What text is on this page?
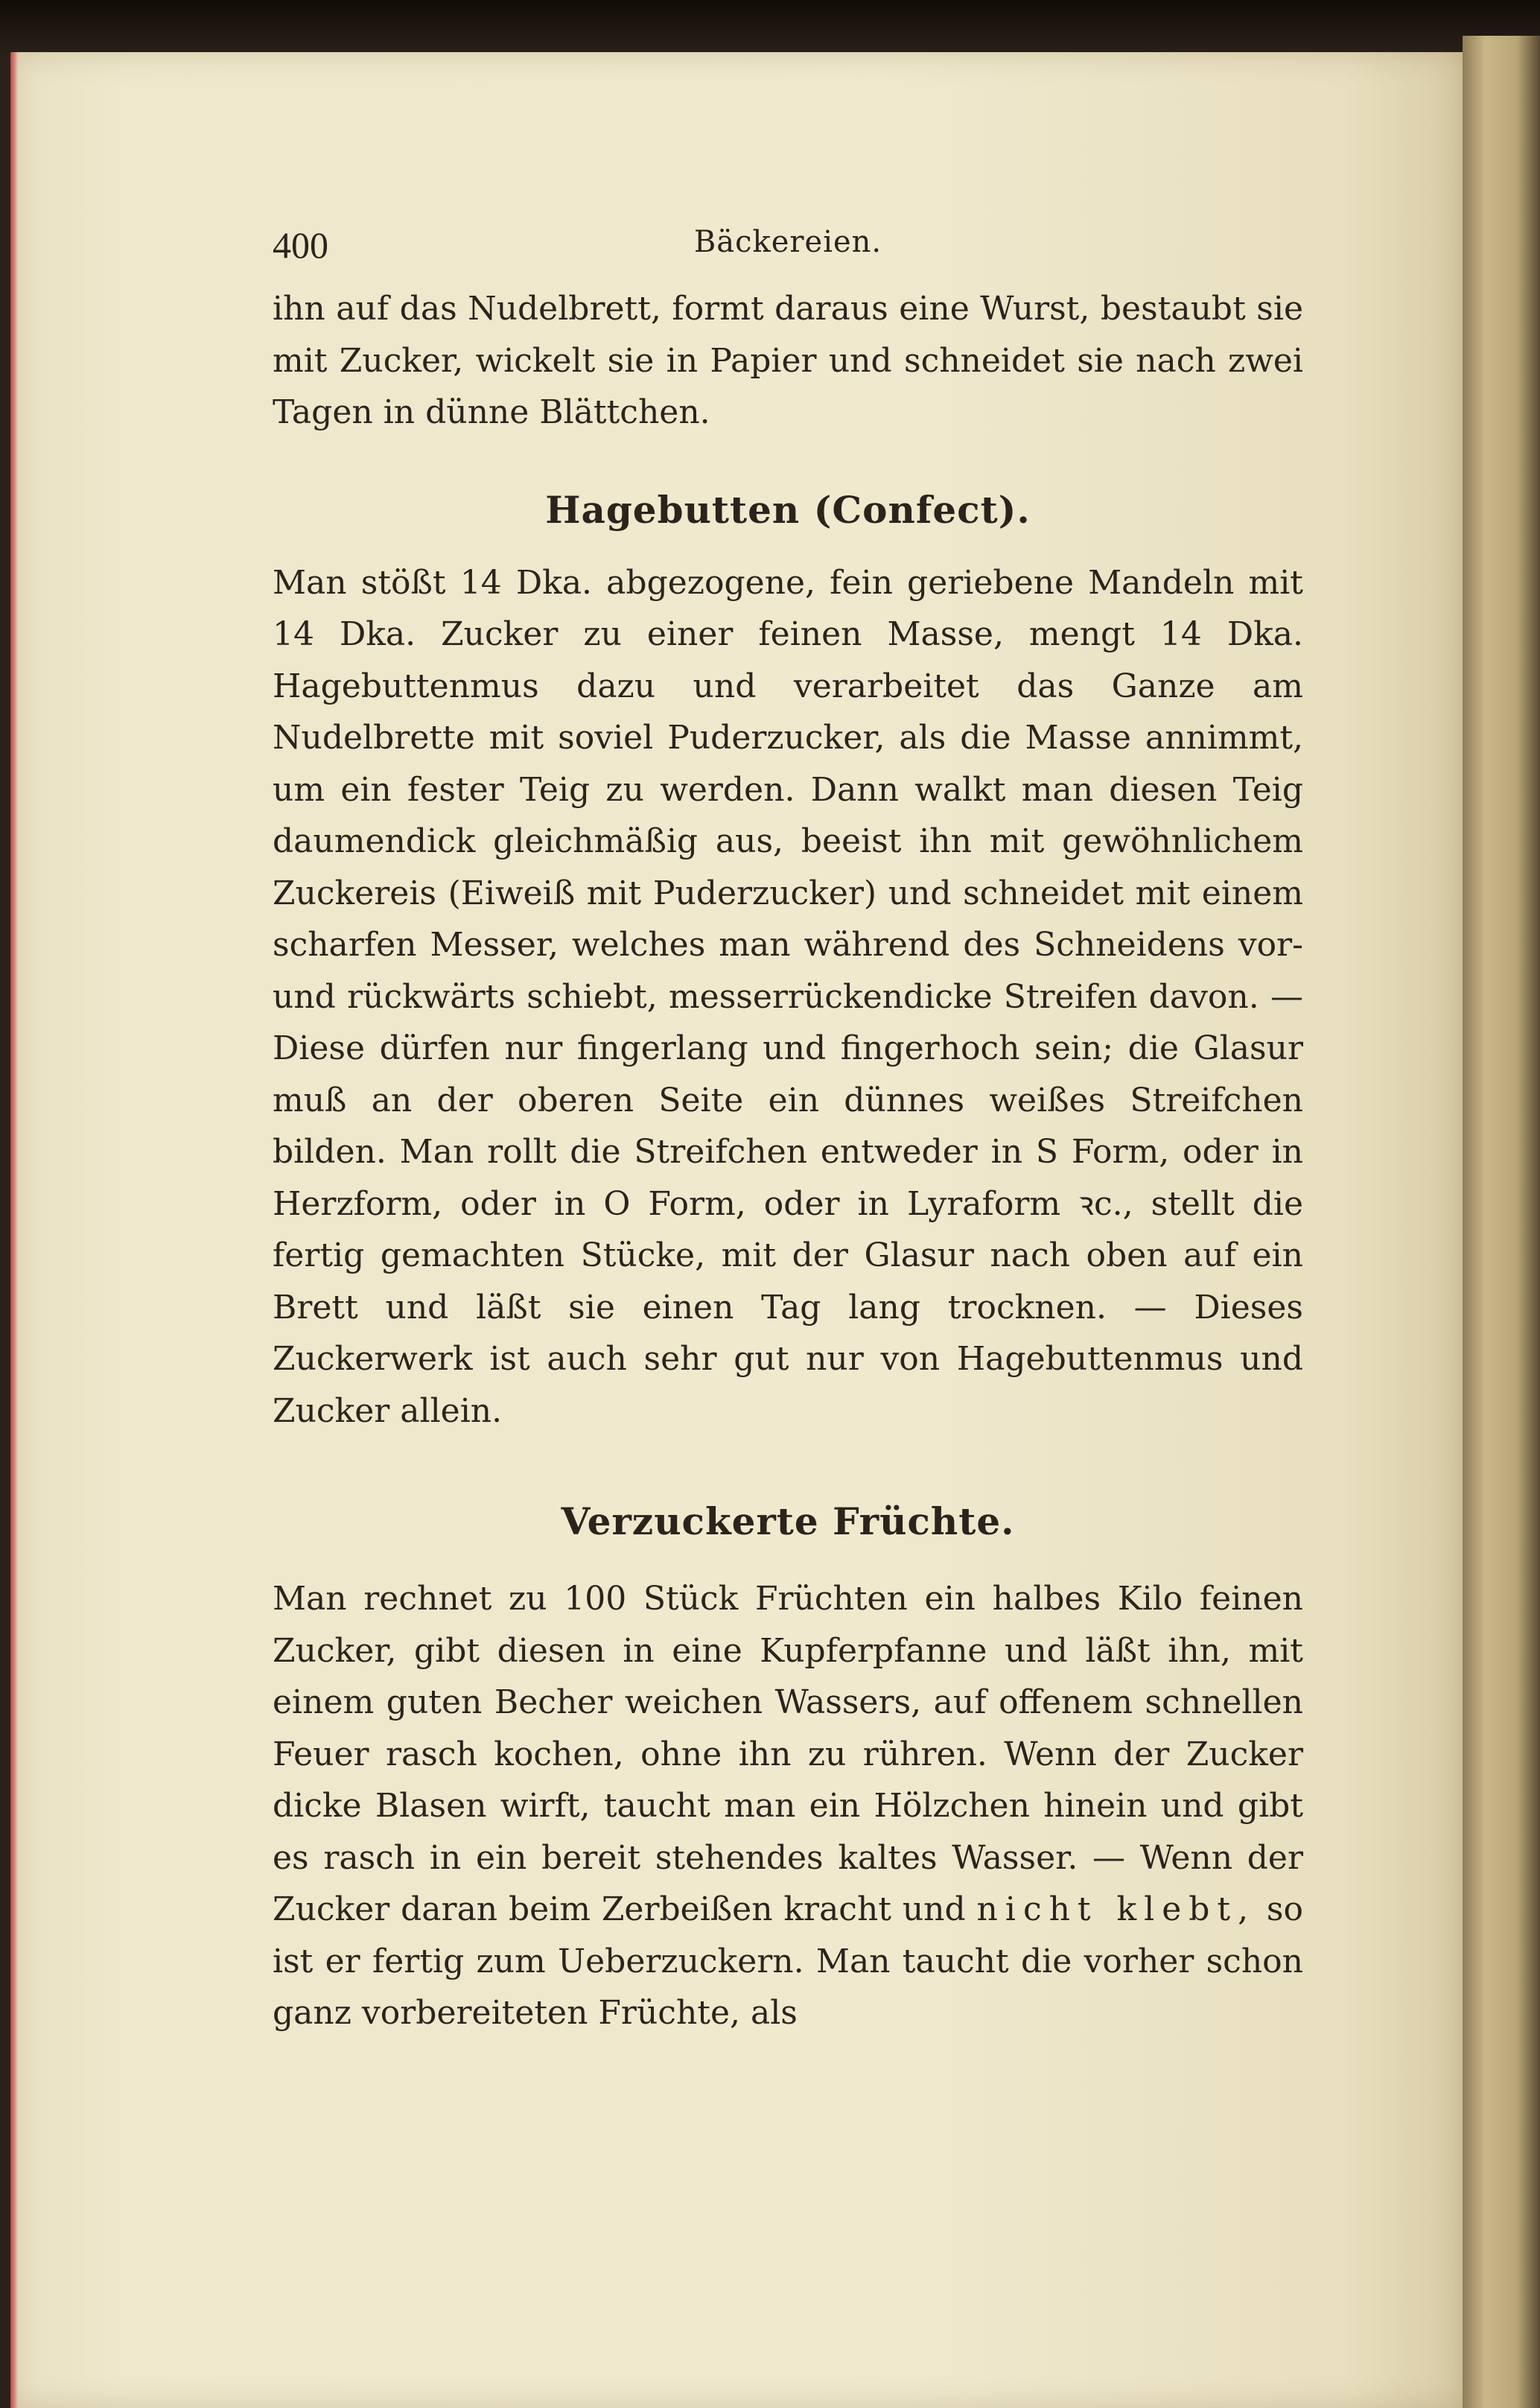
400	Bäckereien.

ihn auf das Nudelbrett, formt daraus eine Wurst, bestaubt sie mit Zucker, wickelt sie in Papier und schneidet sie nach zwei Tagen in dünne Blättchen.

Hagebutten (Confect).

Man stößt 14 Dka. abgezogene, fein geriebene Mandeln mit 14 Dka. Zucker zu einer feinen Masse, mengt 14 Dka. Hagebuttenmus dazu und verarbeitet das Ganze am Nudelbrette mit soviel Puderzucker, als die Masse annimmt, um ein fester Teig zu werden. Dann walkt man diesen Teig daumendick gleichmäßig aus, beeist ihn mit gewöhnlichem Zuckereis (Eiweiß mit Puderzucker) und schneidet mit einem scharfen Messer, welches man während des Schneidens vor- und rückwärts schiebt, messerrückendicke Streifen davon. — Diese dürfen nur fingerlang und fingerhoch sein; die Glasur muß an der oberen Seite ein dünnes weißes Streifchen bilden. Man rollt die Streifchen entweder in S Form, oder in Herzform, oder in O Form, oder in Lyraform ꝛc., stellt die fertig gemachten Stücke, mit der Glasur nach oben auf ein Brett und läßt sie einen Tag lang trocknen. — Dieses Zuckerwerk ist auch sehr gut nur von Hagebuttenmus und Zucker allein.

Verzuckerte Früchte.

Man rechnet zu 100 Stück Früchten ein halbes Kilo feinen Zucker, gibt diesen in eine Kupferpfanne und läßt ihn, mit einem guten Becher weichen Wassers, auf offenem schnellen Feuer rasch kochen, ohne ihn zu rühren. Wenn der Zucker dicke Blasen wirft, taucht man ein Hölzchen hinein und gibt es rasch in ein bereit stehendes kaltes Wasser. — Wenn der Zucker daran beim Zerbeißen kracht und nicht klebt, so ist er fertig zum Ueberzuckern. Man taucht die vorher schon ganz vorbereiteten Früchte, als
